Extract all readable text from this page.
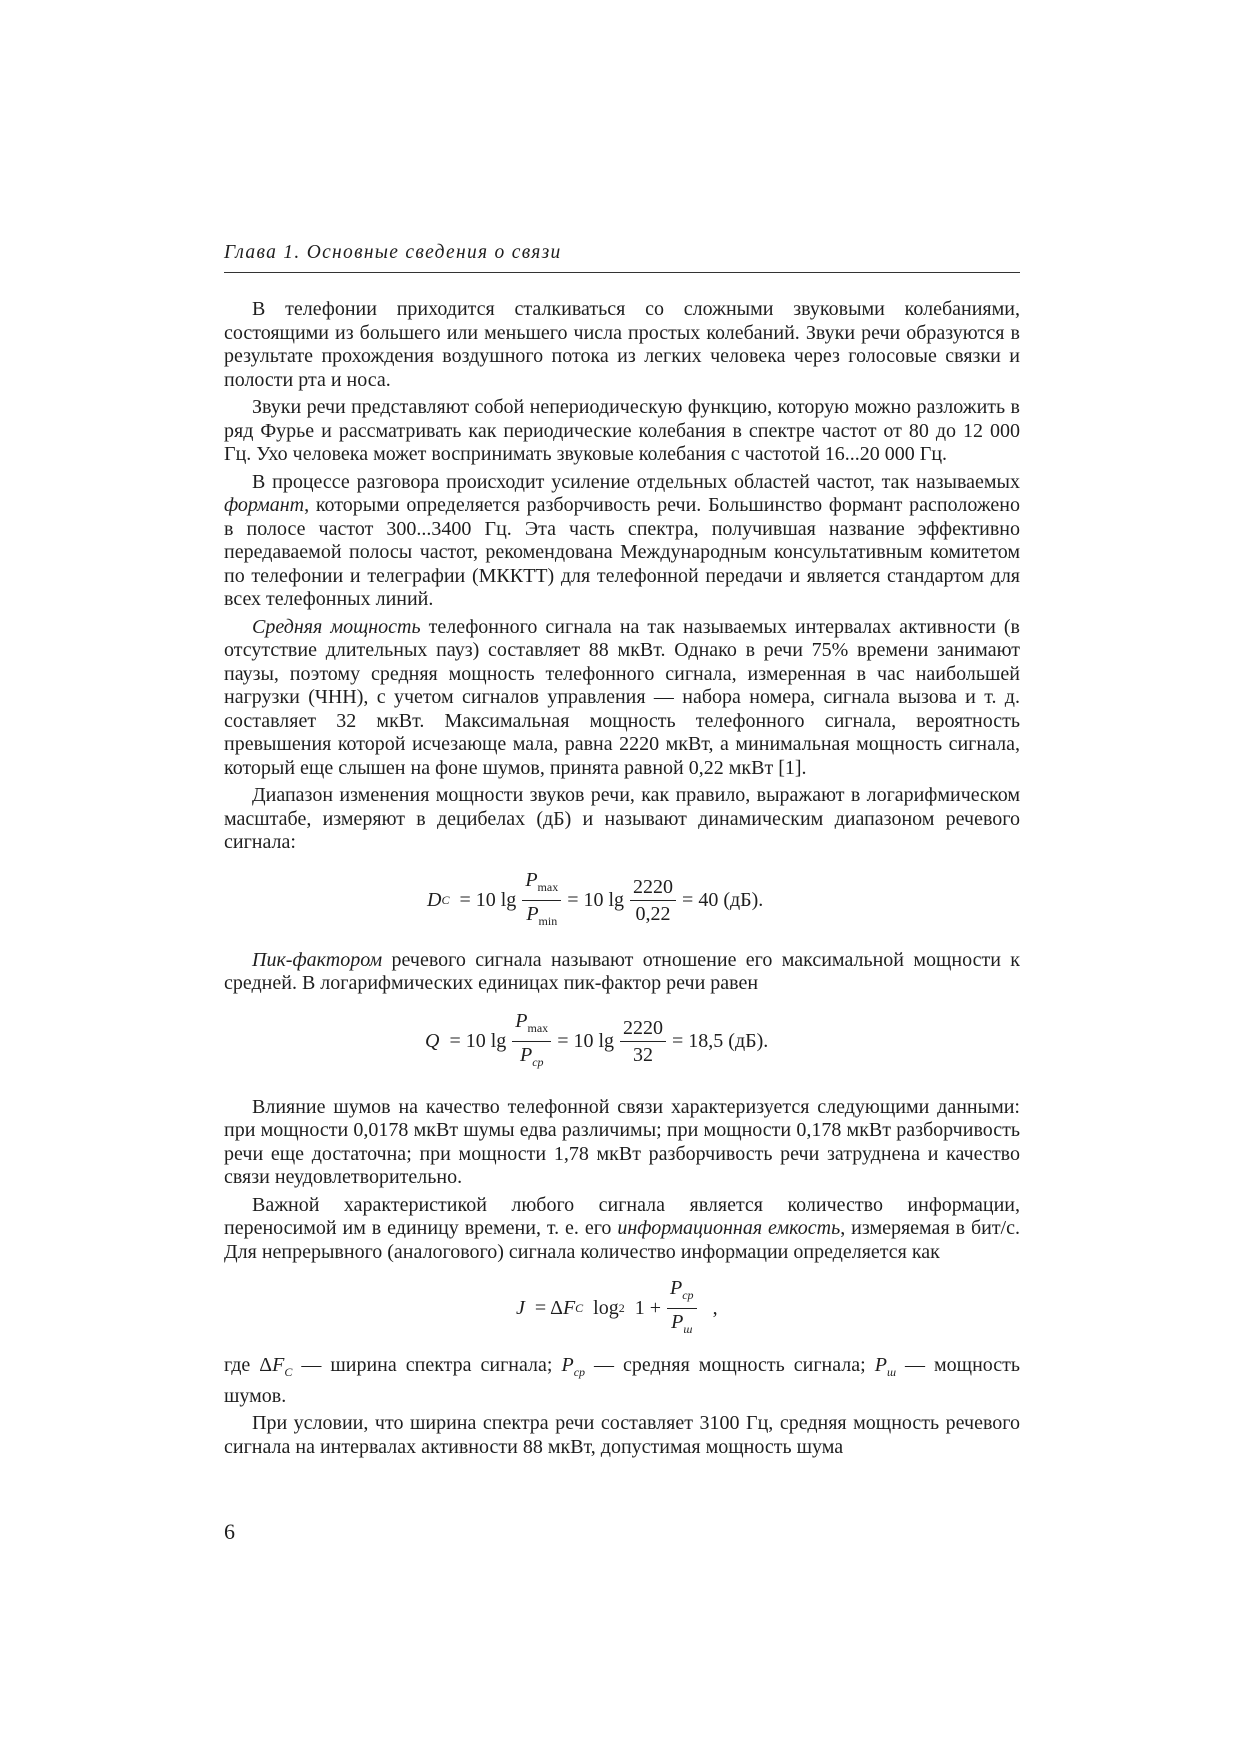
Глава 1. Основные сведения о связи

В телефонии приходится сталкиваться со сложными звуковыми колебаниями, состоящими из большего или меньшего числа простых колебаний. Звуки речи образуются в результате прохождения воздушного потока из легких человека через голосовые связки и полости рта и носа.

Звуки речи представляют собой непериодическую функцию, которую можно разложить в ряд Фурье и рассматривать как периодические колебания в спектре частот от 80 до 12 000 Гц. Ухо человека может воспринимать звуковые колебания с частотой 16...20 000 Гц.

В процессе разговора происходит усиление отдельных областей частот, так называемых формант, которыми определяется разборчивость речи. Большинство формант расположено в полосе частот 300...3400 Гц. Эта часть спектра, получившая название эффективно передаваемой полосы частот, рекомендована Международным консультативным комитетом по телефонии и телеграфии (МККТТ) для телефонной передачи и является стандартом для всех телефонных линий.

Средняя мощность телефонного сигнала на так называемых интервалах активности (в отсутствие длительных пауз) составляет 88 мкВт. Однако в речи 75% времени занимают паузы, поэтому средняя мощность телефонного сигнала, измеренная в час наибольшей нагрузки (ЧНН), с учетом сигналов управления — набора номера, сигнала вызова и т. д. составляет 32 мкВт. Максимальная мощность телефонного сигнала, вероятность превышения которой исчезающе мала, равна 2220 мкВт, а минимальная мощность сигнала, который еще слышен на фоне шумов, принята равной 0,22 мкВт [1].

Диапазон изменения мощности звуков речи, как правило, выражают в логарифмическом масштабе, измеряют в децибелах (дБ) и называют динамическим диапазоном речевого сигнала:

D C = 10 $\lg \frac{P_{max}}{P_{min}} = 10$ $\lg \frac{2220}{0,22} = 40$ (дБ).

Пик-фактором речевого сигнала называют отношение его максимальной мощности к средней. В логарифмических единицах пик-фактор речи равен

Q = 10 $\lg \frac{P_{max}}{P_{ср}} = 10$ $\lg \frac{2220}{32} = 18,5$ (дБ).

Влияние шумов на качество телефонной связи характеризуется следующими данными: при мощности 0,0178 мкВт шумы едва различимы; при мощности 0,178 мкВт разборчивость речи еще достаточна; при мощности 1,78 мкВт разборчивость речи затруднена и качество связи неудовлетворительно.

Важной характеристикой любого сигнала является количество информации, переносимой им в единицу времени, т. е. его информационная емкость, измеряемая в бит/с. Для непрерывного (аналогового) сигнала количество информации определяется как

J = Δ F C log 2 $1 + \frac{P_{ср}}{P_ш}$ ,

где $\Delta F_C$ — ширина спектра сигнала; $P_{ср}$ — средняя мощность сигнала; $P_ш$ — мощность шумов.

При условии, что ширина спектра речи составляет 3100 Гц, средняя мощность речевого сигнала на интервалах активности 88 мкВт, допустимая мощность шума

6
